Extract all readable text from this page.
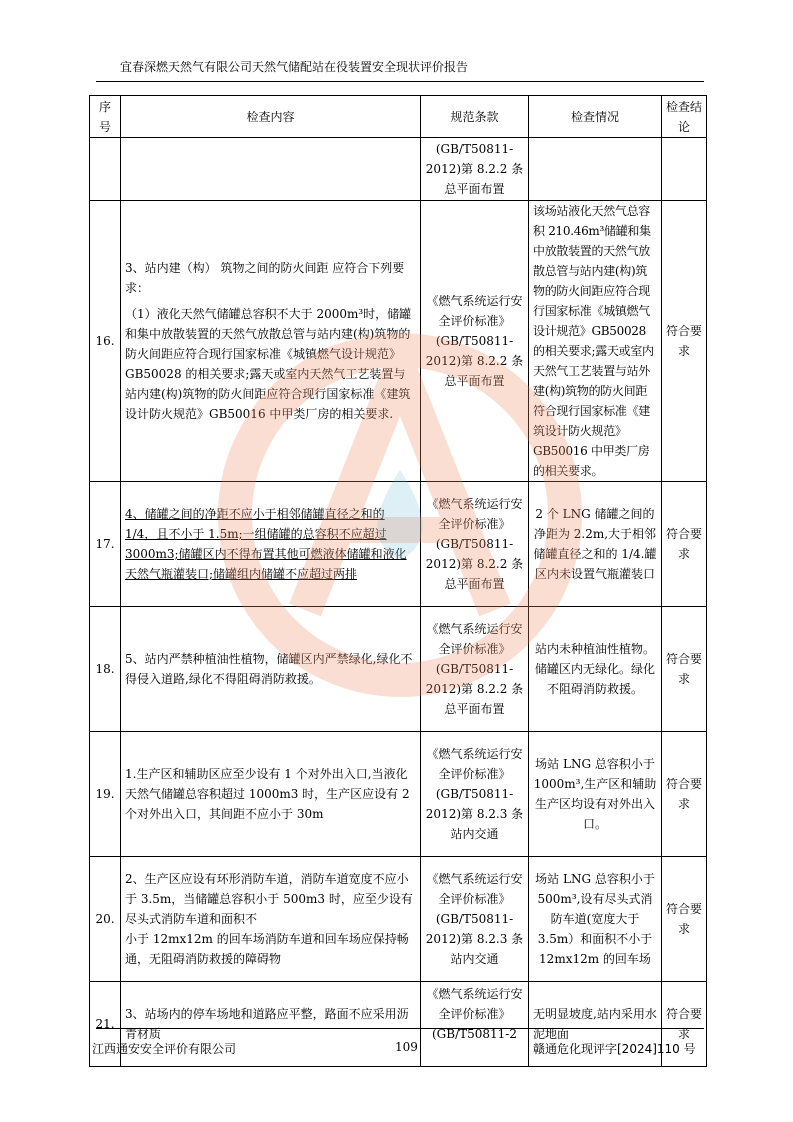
宜春深燃天然气有限公司天然气储配站在役装置安全现状评价报告
序号	检查内容	规范条款	检查情况	检查结论
		(GB/T50811-2012)第 8.2.2 条总平面布置		
16.	3、站内建（构） 筑物之间的防火间距 应符合下列要求：
（1）液化天然气储罐总容积不大于 2000m³时，储罐和集中放散装置的天然气放散总管与站内建(构)筑物的防火间距应符合现行国家标准《城镇燃气设计规范》GB50028 的相关要求;露天或室内天然气工艺装置与站内建(构)筑物的防火间距应符合现行国家标准《建筑设计防火规范》GB50016 中甲类厂房的相关要求.	《燃气系统运行安全评价标准》(GB/T50811-2012)第 8.2.2 条总平面布置	该场站液化天然气总容积 210.46m³储罐和集中放散装置的天然气放散总管与站内建(构)筑物的防火间距应符合现行国家标准《城镇燃气设计规范》GB50028 的相关要求;露天或室内天然气工艺装置与站外建(构)筑物的防火间距符合现行国家标准《建筑设计防火规范》GB50016 中甲类厂房的相关要求。	符合要求
17.	4、储罐之间的净距不应小于相邻储罐直径之和的 1/4，且不小于 1.5m;一组储罐的总容积不应超过 3000m3;储罐区内不得布置其他可燃液体储罐和液化天然气瓶灌装口;储罐组内储罐不应超过两排	《燃气系统运行安全评价标准》(GB/T50811-2012)第 8.2.2 条总平面布置	2 个 LNG 储罐之间的净距为 2.2m,大于相邻储罐直径之和的 1/4.罐区内未设置气瓶灌装口	符合要求
18.	5、站内严禁种植油性植物，储罐区内严禁绿化,绿化不得侵入道路,绿化不得阻碍消防救援。	《燃气系统运行安全评价标准》(GB/T50811-2012)第 8.2.2 条总平面布置	站内未种植油性植物。储罐区内无绿化。绿化不阻碍消防救援。	符合要求
19.	1.生产区和辅助区应至少设有 1 个对外出入口,当液化天然气储罐总容积超过 1000m3 时，生产区应设有 2 个对外出入口，其间距不应小于 30m	《燃气系统运行安全评价标准》(GB/T50811-2012)第 8.2.3 条站内交通	场站 LNG 总容积小于 1000m³,生产区和辅助生产区均设有对外出入口。	符合要求
20.	2、生产区应设有环形消防车道，消防车道宽度不应小于 3.5m，当储罐总容积小于 500m3 时，应至少设有尽头式消防车道和面积不
小于 12mx12m 的回车场消防车道和回车场应保持畅通，无阻碍消防救援的障碍物	《燃气系统运行安全评价标准》(GB/T50811-2012)第 8.2.3 条站内交通	场站 LNG 总容积小于 500m³,设有尽头式消防车道(宽度大于 3.5m）和面积不小于 12mx12m 的回车场	符合要求
21.	3、站场内的停车场地和道路应平整，路面不应采用沥青材质	《燃气系统运行安全评价标准》(GB/T50811-2	无明显坡度,站内采用水泥地面	符合要求
江西通安安全评价有限公司	109	赣通危化现评字[2024]110 号
